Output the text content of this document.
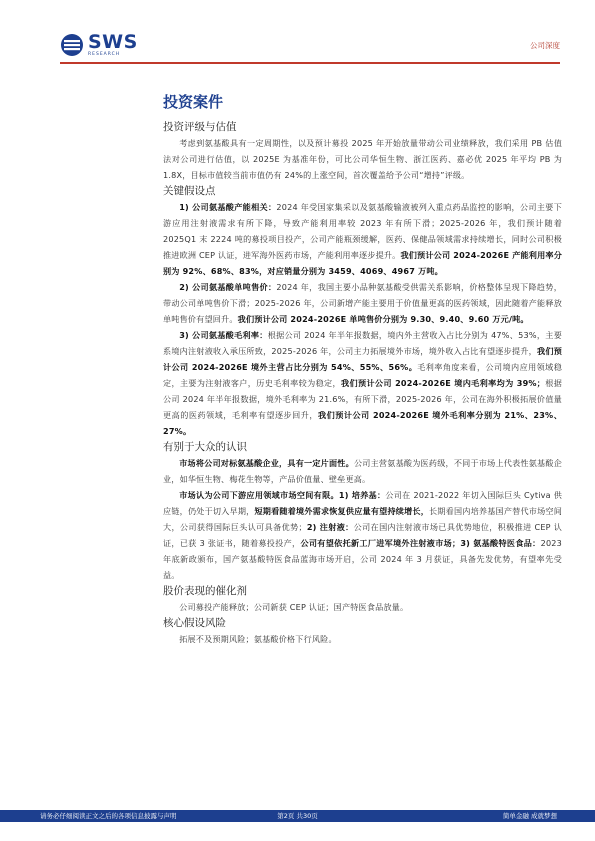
SWS
RESEARCH
公司深度
投资案件
投资评级与估值

考虑到氨基酸具有一定周期性，以及预计募投 2025 年开始放量带动公司业绩释放，我们采用 PB 估值法对公司进行估值，以 2025E 为基准年份，可比公司华恒生物、浙江医药、嘉必优 2025 年平均 PB 为 1.8X，目标市值较当前市值仍有 24%的上涨空间，首次覆盖给予公司“增持”评级。

关键假设点

1) 公司氨基酸产能相关：2024 年受国家集采以及氨基酸输液被列入重点药品监控的影响，公司主要下游应用注射液需求有所下降，导致产能利用率较 2023 年有所下滑；2025-2026 年，我们预计随着 2025Q1 末 2224 吨的募投项目投产，公司产能瓶颈缓解，医药、保健品领域需求持续增长，同时公司积极推进欧洲 CEP 认证，进军海外医药市场，产能利用率逐步提升。我们预计公司 2024-2026E 产能利用率分别为 92%、68%、83%，对应销量分别为 3459、4069、4967 万吨。

2) 公司氨基酸单吨售价：2024 年，我国主要小品种氨基酸受供需关系影响，价格整体呈现下降趋势，带动公司单吨售价下滑；2025-2026 年，公司新增产能主要用于价值量更高的医药领域，因此随着产能释放单吨售价有望回升。我们预计公司 2024-2026E 单吨售价分别为 9.30、9.40、9.60 万元/吨。

3) 公司氨基酸毛利率：根据公司 2024 年半年报数据，境内外主营收入占比分别为 47%、53%，主要系境内注射液收入承压所致，2025-2026 年，公司主力拓展境外市场，境外收入占比有望逐步提升，我们预计公司 2024-2026E 境外主营占比分别为 54%、55%、56%。毛利率角度来看，公司境内应用领域稳定，主要为注射液客户，历史毛利率较为稳定，我们预计公司 2024-2026E 境内毛利率均为 39%；根据公司 2024 年半年报数据，境外毛利率为 21.6%，有所下滑，2025-2026 年，公司在海外积极拓展价值量更高的医药领域，毛利率有望逐步回升，我们预计公司 2024-2026E 境外毛利率分别为 21%、23%、27%。

有别于大众的认识

市场将公司对标氨基酸企业，具有一定片面性。公司主营氨基酸为医药级，不同于市场上代表性氨基酸企业，如华恒生物、梅花生物等，产品价值量、壁垒更高。

市场认为公司下游应用领域市场空间有限。1) 培养基：公司在 2021-2022 年切入国际巨头 Cytiva 供应链，仍处于切入早期，短期看随着境外需求恢复供应量有望持续增长，长期看国内培养基国产替代市场空间大，公司获得国际巨头认可具备优势；2) 注射液：公司在国内注射液市场已具优势地位，积极推进 CEP 认证，已获 3 张证书，随着募投投产，公司有望依托新工厂进军境外注射液市场；3) 氨基酸特医食品：2023 年底新政颁布，国产氨基酸特医食品蓝海市场开启，公司 2024 年 3 月获证，具备先发优势，有望率先受益。

股价表现的催化剂

公司募投产能释放；公司新获 CEP 认证；国产特医食品放量。

核心假设风险

拓展不及预期风险；氨基酸价格下行风险。

请务必仔细阅读正文之后的各项信息披露与声明	第2页 共30页	简单金融 成就梦想
